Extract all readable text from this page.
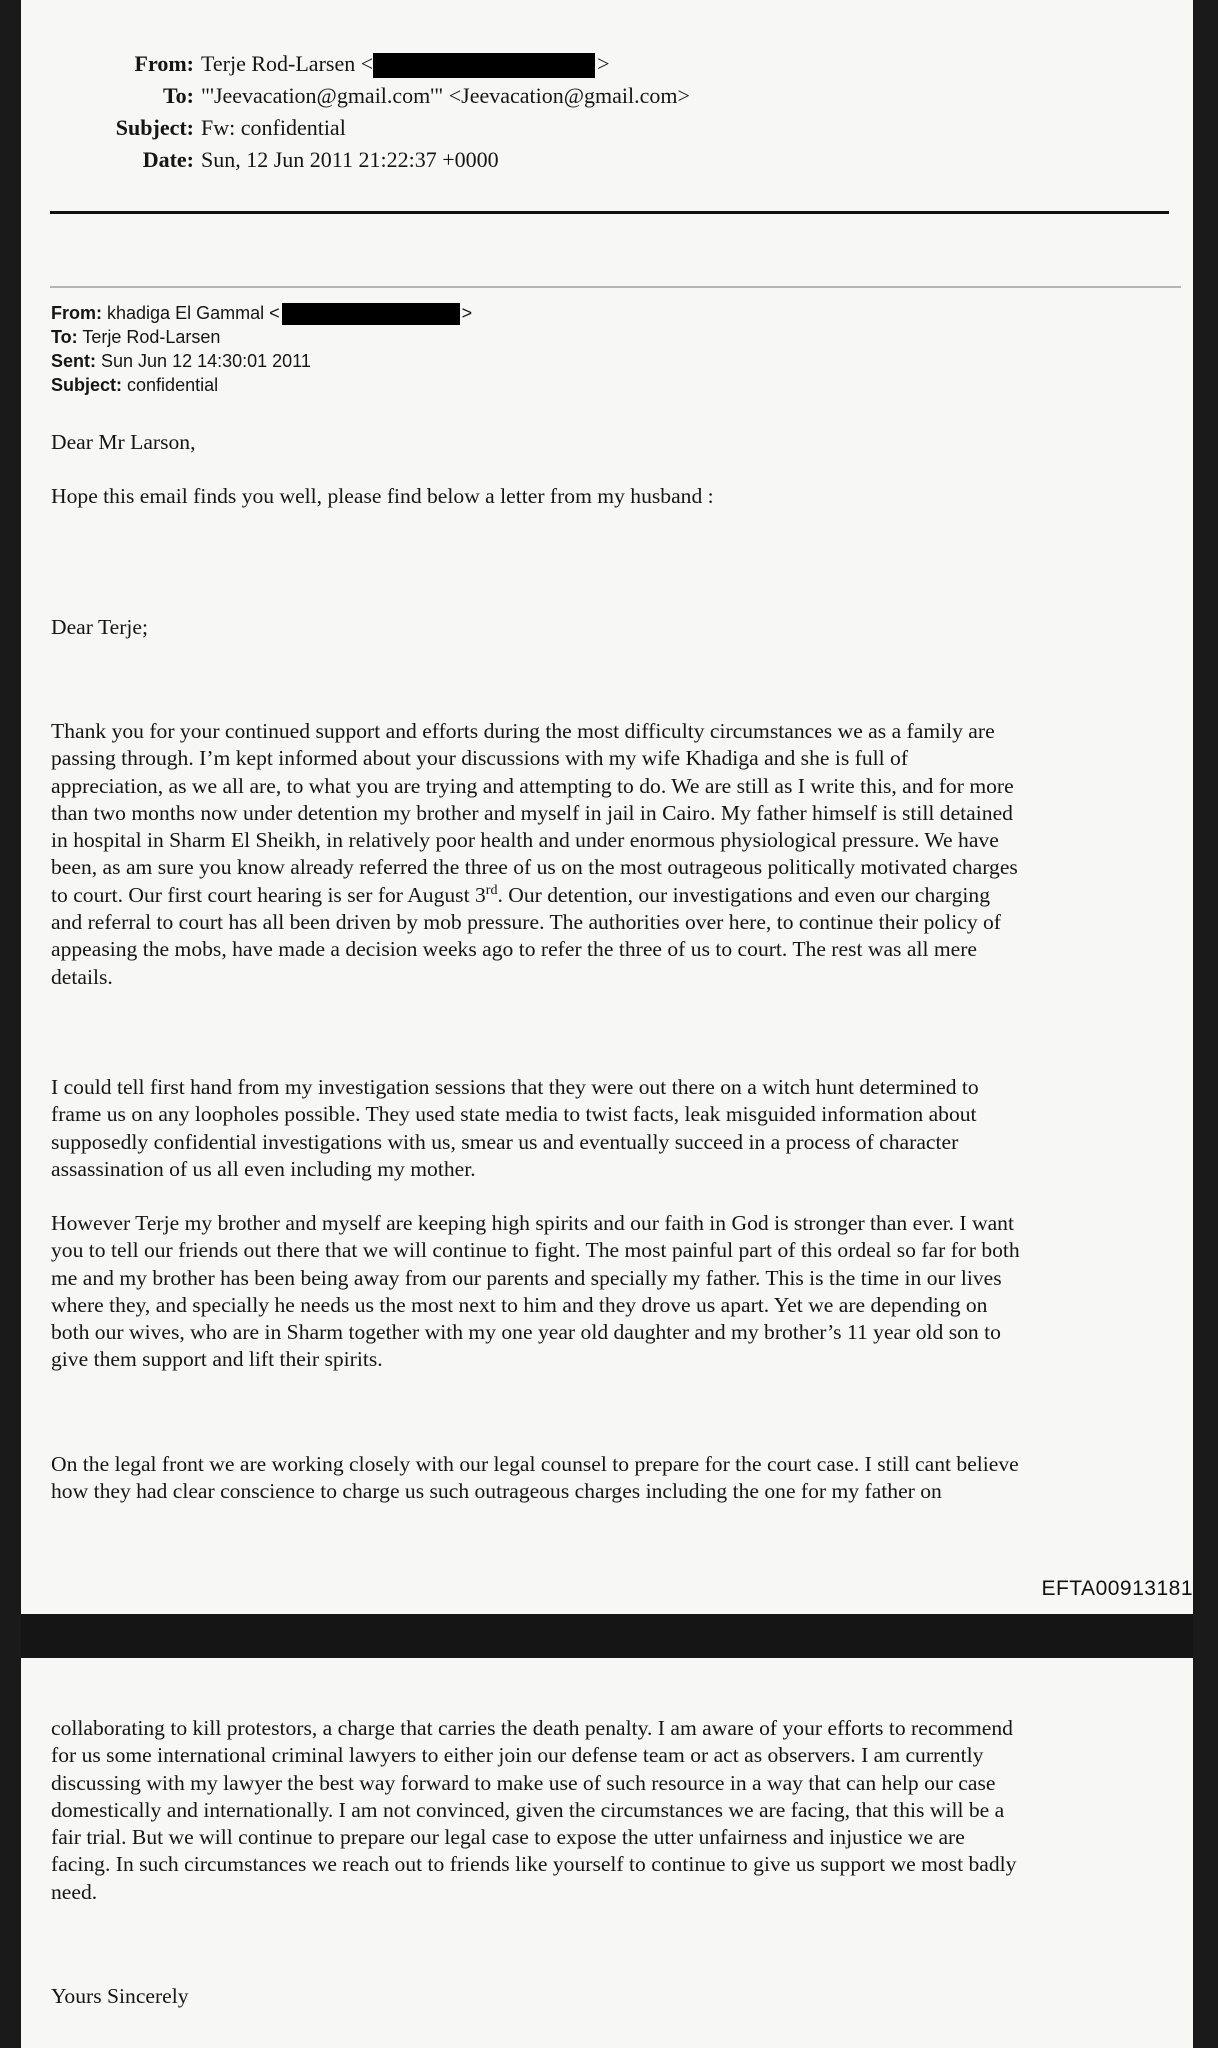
From: Terje Rod-Larsen <	>
To: "'Jeevacation@gmail.com'" <Jeevacation@gmail.com>
Subject: Fw: confidential
Date: Sun, 12 Jun 2011 21:22:37 +0000
From: khadiga El Gammal <	>
To: Terje Rod-Larsen
Sent: Sun Jun 12 14:30:01 2011
Subject: confidential

Dear Mr Larson,

Hope this email finds you well, please find below a letter from my husband :

Dear Terje;

Thank you for your continued support and efforts during the most difficulty circumstances we as a family are
passing through. I’m kept informed about your discussions with my wife Khadiga and she is full of
appreciation, as we all are, to what you are trying and attempting to do. We are still as I write this, and for more
than two months now under detention my brother and myself in jail in Cairo. My father himself is still detained
in hospital in Sharm El Sheikh, in relatively poor health and under enormous physiological pressure. We have
been, as am sure you know already referred the three of us on the most outrageous politically motivated charges
to court. Our first court hearing is ser for August 3rd. Our detention, our investigations and even our charging
and referral to court has all been driven by mob pressure. The authorities over here, to continue their policy of
appeasing the mobs, have made a decision weeks ago to refer the three of us to court. The rest was all mere
details.

I could tell first hand from my investigation sessions that they were out there on a witch hunt determined to
frame us on any loopholes possible. They used state media to twist facts, leak misguided information about
supposedly confidential investigations with us, smear us and eventually succeed in a process of character
assassination of us all even including my mother.

However Terje my brother and myself are keeping high spirits and our faith in God is stronger than ever. I want
you to tell our friends out there that we will continue to fight. The most painful part of this ordeal so far for both
me and my brother has been being away from our parents and specially my father. This is the time in our lives
where they, and specially he needs us the most next to him and they drove us apart. Yet we are depending on
both our wives, who are in Sharm together with my one year old daughter and my brother’s 11 year old son to
give them support and lift their spirits.

On the legal front we are working closely with our legal counsel to prepare for the court case. I still cant believe
how they had clear conscience to charge us such outrageous charges including the one for my father on

EFTA00913181

collaborating to kill protestors, a charge that carries the death penalty. I am aware of your efforts to recommend
for us some international criminal lawyers to either join our defense team or act as observers. I am currently
discussing with my lawyer the best way forward to make use of such resource in a way that can help our case
domestically and internationally. I am not convinced, given the circumstances we are facing, that this will be a
fair trial. But we will continue to prepare our legal case to expose the utter unfairness and injustice we are
facing. In such circumstances we reach out to friends like yourself to continue to give us support we most badly
need.

Yours Sincerely
